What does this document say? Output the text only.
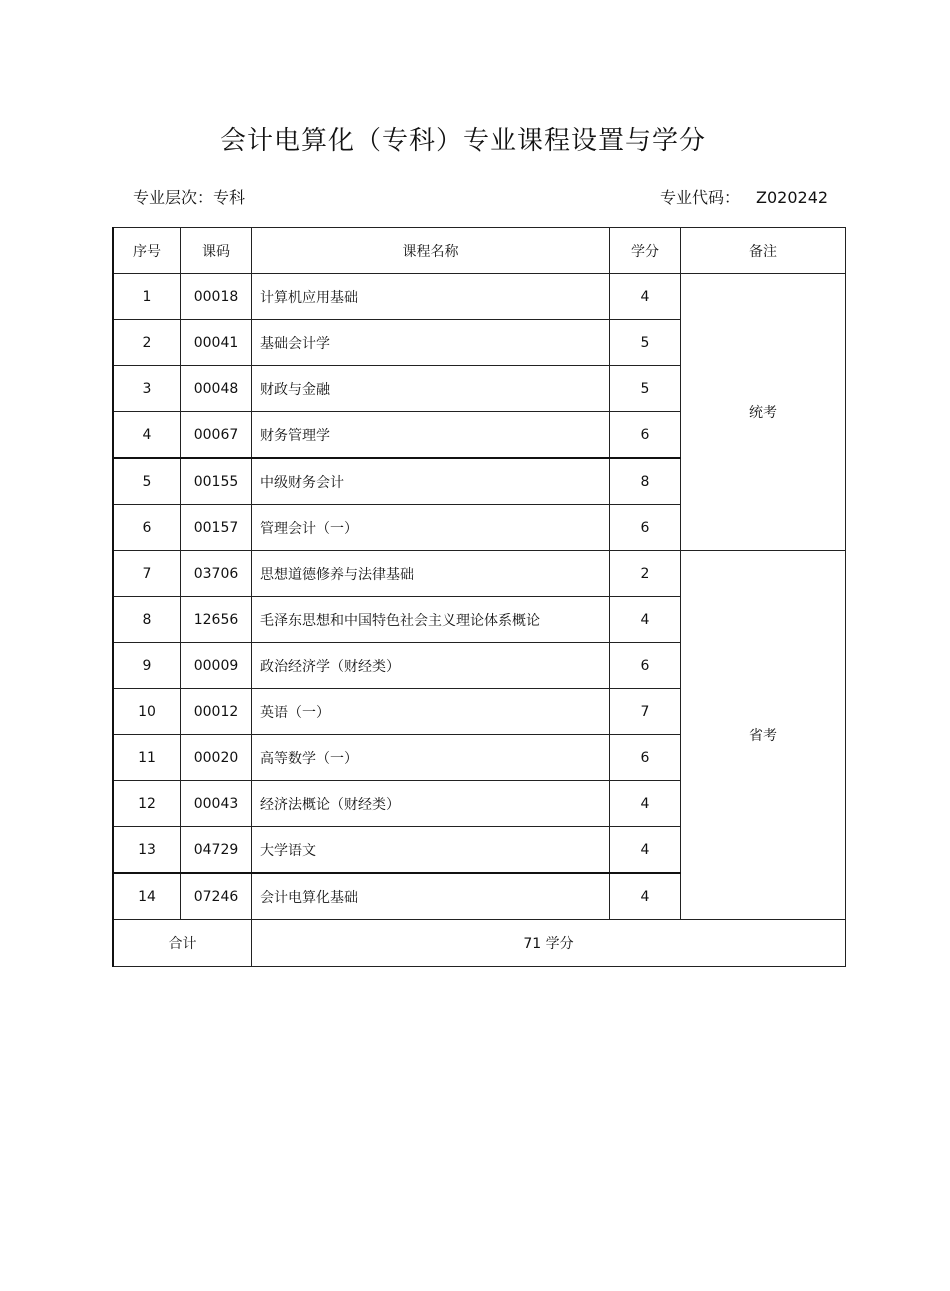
会计电算化（专科）专业课程设置与学分
专业层次：专科	专业代码： Z020242
序号	课码	课程名称	学分	备注
1	00018	计算机应用基础	4	统考
2	00041	基础会计学	5	
3	00048	财政与金融	5	
4	00067	财务管理学	6	
5	00155	中级财务会计	8	
6	00157	管理会计（一）	6	
7	03706	思想道德修养与法律基础	2	省考
8	12656	毛泽东思想和中国特色社会主义理论体系概论	4	
9	00009	政治经济学（财经类）	6	
10	00012	英语（一）	7	
11	00020	高等数学（一）	6	
12	00043	经济法概论（财经类）	4	
13	04729	大学语文	4	
14	07246	会计电算化基础	4	
合计		71 学分		
